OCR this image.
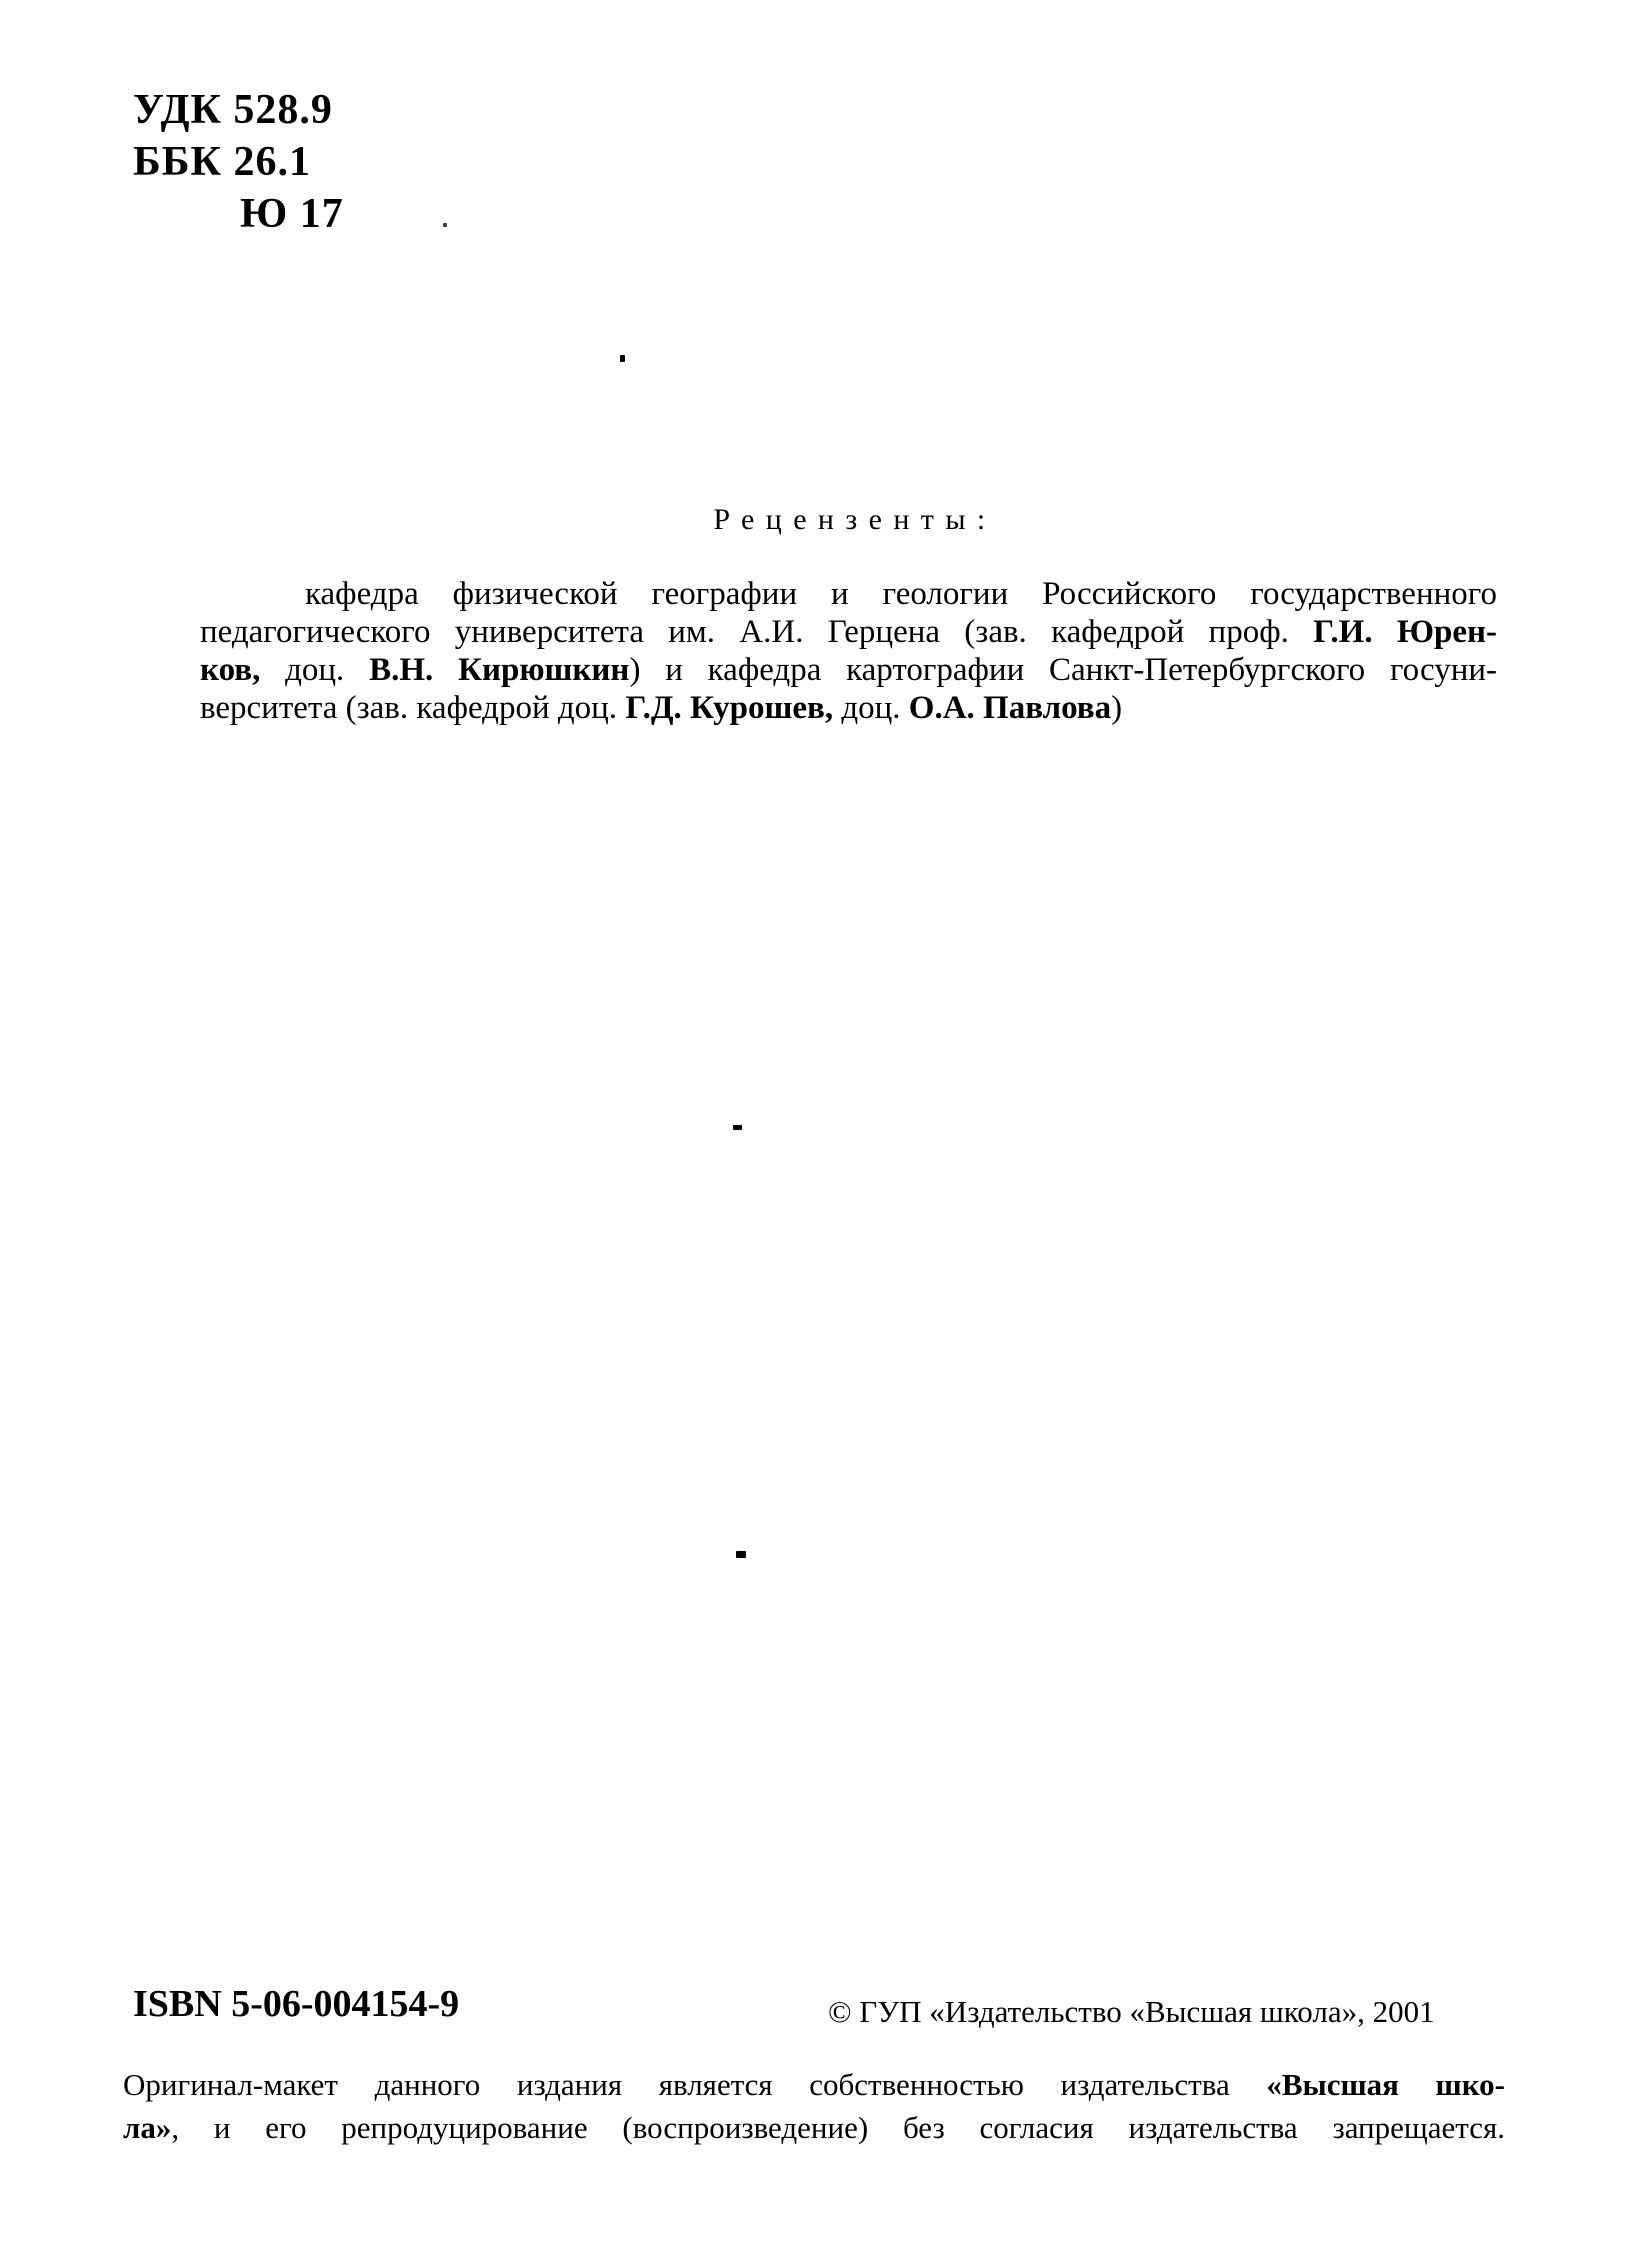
УДК 528.9
ББК 26.1
Ю 17
Рецензенты:
кафедра физической географии и геологии Российского государственного
педагогического университета им. А.И. Герцена (зав. кафедрой проф. Г.И. Юрен-
ков, доц. В.Н. Кирюшкин) и кафедра картографии Санкт-Петербургского госуни-
верситета (зав. кафедрой доц. Г.Д. Курошев, доц. О.А. Павлова)
ISBN 5-06-004154-9	© ГУП «Издательство «Высшая школа», 2001
Оригинал-макет данного издания является собственностью издательства «Высшая шко-
ла», и его репродуцирование (воспроизведение) без согласия издательства запрещается.
